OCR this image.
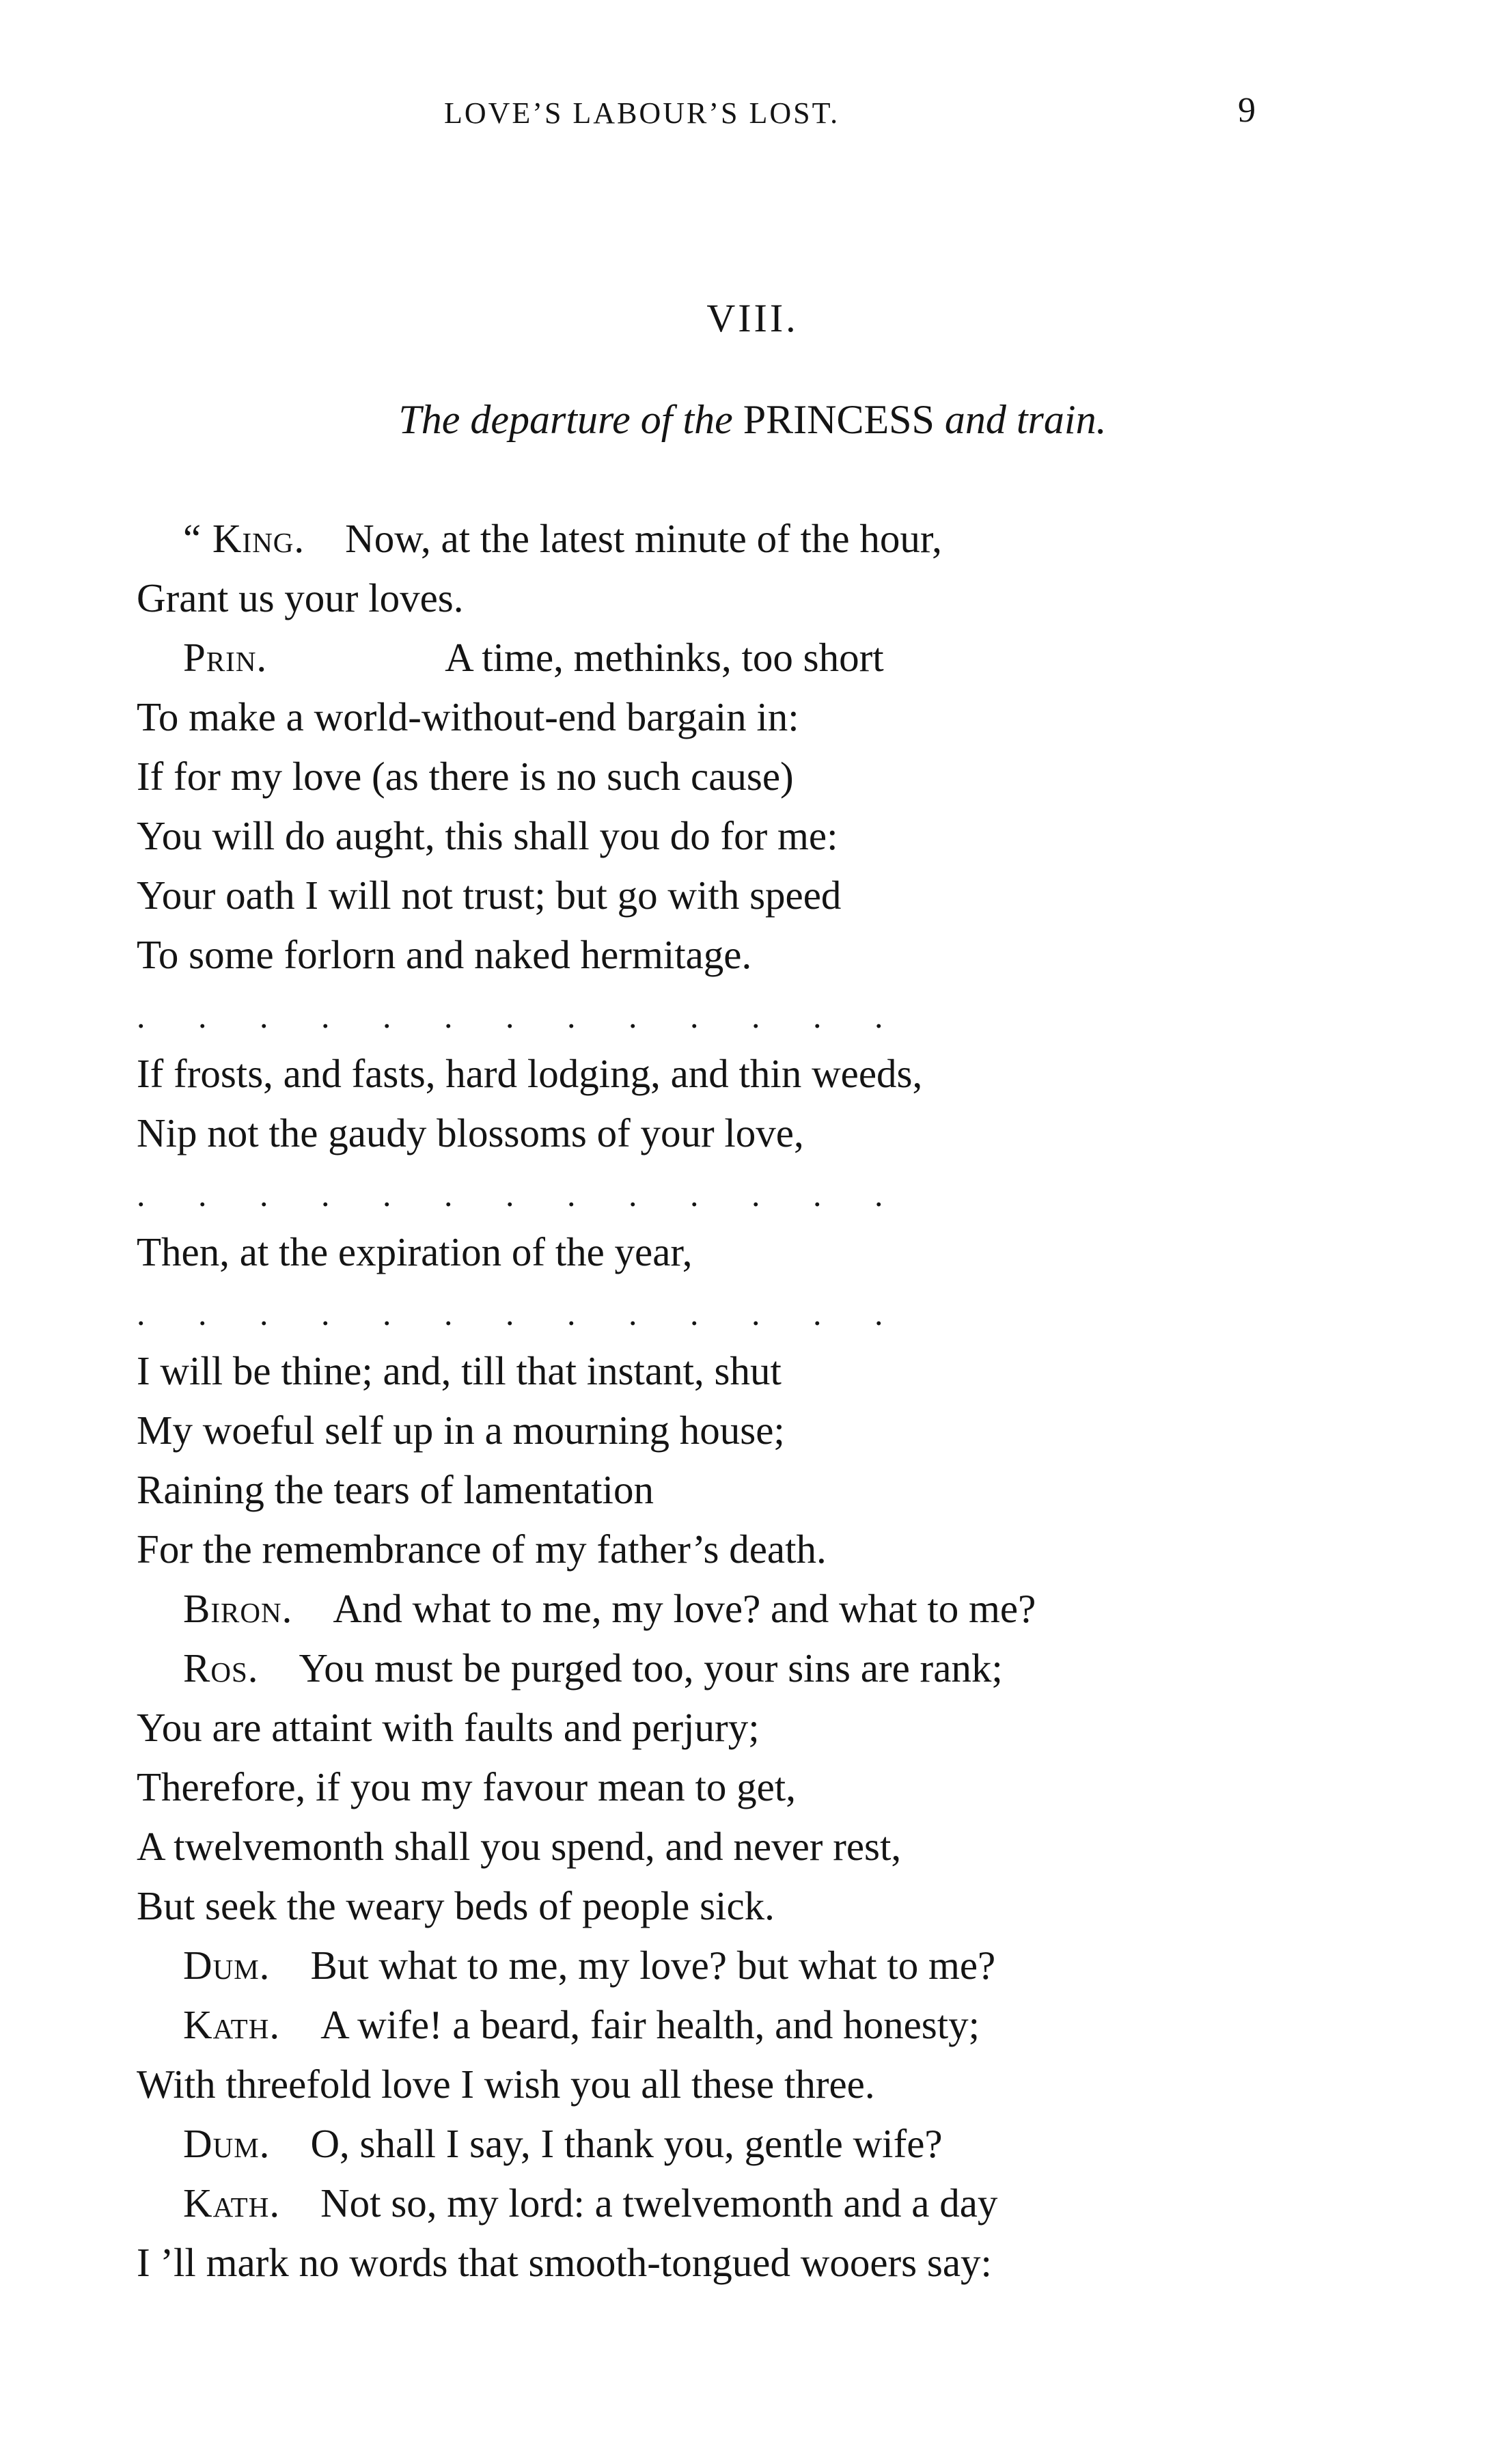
LOVE’S LABOUR’S LOST.	9
VIII.
The departure of the PRINCESS and train.
“ King.  Now, at the latest minute of the hour,
Grant us your loves.
Prin.	A time, methinks, too short
To make a world-without-end bargain in:
If for my love (as there is no such cause)
You will do aught, this shall you do for me:
Your oath I will not trust; but go with speed
To some forlorn and naked hermitage.
. . . . . . . . . . . . .
If frosts, and fasts, hard lodging, and thin weeds,
Nip not the gaudy blossoms of your love,
. . . . . . . . . . . . .
Then, at the expiration of the year,
. . . . . . . . . . . . .
I will be thine; and, till that instant, shut
My woeful self up in a mourning house;
Raining the tears of lamentation
For the remembrance of my father’s death.
Biron.  And what to me, my love? and what to me?
Ros.  You must be purged too, your sins are rank;
You are attaint with faults and perjury;
Therefore, if you my favour mean to get,
A twelvemonth shall you spend, and never rest,
But seek the weary beds of people sick.
Dum.  But what to me, my love? but what to me?
Kath.  A wife! a beard, fair health, and honesty;
With threefold love I wish you all these three.
Dum.  O, shall I say, I thank you, gentle wife?
Kath.  Not so, my lord: a twelvemonth and a day
I ’ll mark no words that smooth-tongued wooers say:
